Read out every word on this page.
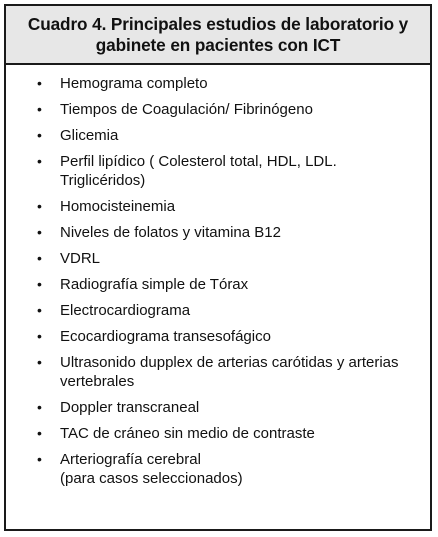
Cuadro 4. Principales estudios de laboratorio y
gabinete en pacientes con ICT
• Hemograma completo
• Tiempos de Coagulación/ Fibrinógeno
• Glicemia
• Perfil lipídico ( Colesterol total, HDL, LDL.
Triglicéridos)
• Homocisteinemia
• Niveles de folatos y vitamina B12
• VDRL
• Radiografía simple de Tórax
• Electrocardiograma
• Ecocardiograma transesofágico
• Ultrasonido dupplex de arterias carótidas y arterias
vertebrales
• Doppler transcraneal
• TAC de cráneo sin medio de contraste
• Arteriografía cerebral
(para casos seleccionados)
